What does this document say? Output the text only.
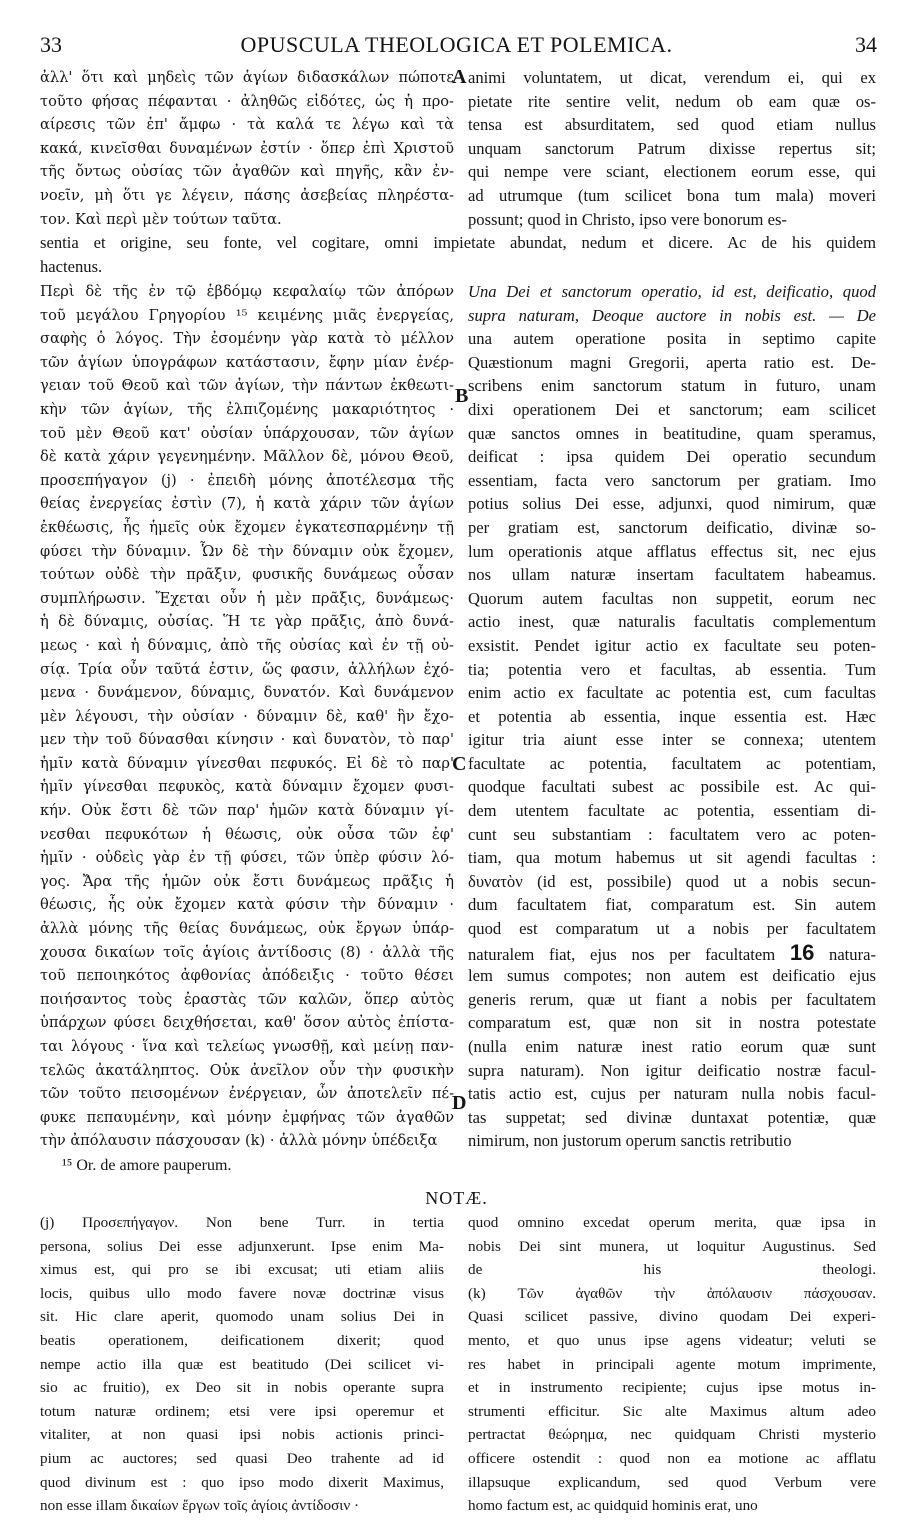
33	OPUSCULA THEOLOGICA ET POLEMICA.	34
ἀλλ' ὅτι καὶ μηδεὶς τῶν ἁγίων διδασκάλων πώποτε
τοῦτο φήσας πέφανται · ἀληθῶς εἰδότες, ὡς ἡ προ-
αίρεσις τῶν ἐπ' ἄμφω · τὰ καλά τε λέγω καὶ τὰ
κακά, κινεῖσθαι δυναμένων ἐστίν · ὅπερ ἐπὶ Χριστοῦ
τῆς ὄντως οὐσίας τῶν ἀγαθῶν καὶ πηγῆς, κἂν ἐν-
νοεῖν, μὴ ὅτι γε λέγειν, πάσης ἀσεβείας πληρέστα-
τον. Καὶ περὶ μὲν τούτων ταῦτα.
animi voluntatem, ut dicat, verendum ei, qui ex
pietate rite sentire velit, nedum ob eam quæ os-
tensa est absurditatem, sed quod etiam nullus
unquam sanctorum Patrum dixisse repertus sit;
qui nempe vere sciant, electionem eorum esse, qui
ad utrumque (tum scilicet bona tum mala) moveri
possunt; quod in Christo, ipso vere bonorum es-
A
sentia et origine, seu fonte, vel cogitare, omni impietate abundat, nedum et dicere. Ac de his quidem
hactenus.
Περὶ δὲ τῆς ἐν τῷ ἑβδόμῳ κεφαλαίῳ τῶν ἀπόρων
τοῦ μεγάλου Γρηγορίου ¹⁵ κειμένης μιᾶς ἐνεργείας,
σαφὴς ὁ λόγος. Τὴν ἐσομένην γὰρ κατὰ τὸ μέλλον
τῶν ἁγίων ὑπογράφων κατάστασιν, ἔφην μίαν ἐνέρ-
γειαν τοῦ Θεοῦ καὶ τῶν ἁγίων, τὴν πάντων ἐκθεωτι-
κὴν τῶν ἁγίων, τῆς ἐλπιζομένης μακαριότητος ·
τοῦ μὲν Θεοῦ κατ' οὐσίαν ὑπάρχουσαν, τῶν ἁγίων
δὲ κατὰ χάριν γεγενημένην. Μᾶλλον δὲ, μόνου Θεοῦ,
προσεπήγαγον (j) · ἐπειδὴ μόνης ἀποτέλεσμα τῆς
θείας ἐνεργείας ἐστὶν (7), ἡ κατὰ χάριν τῶν ἁγίων
ἐκθέωσις, ἧς ἡμεῖς οὐκ ἔχομεν ἐγκατεσπαρμένην τῇ
φύσει τὴν δύναμιν. Ὧν δὲ τὴν δύναμιν οὐκ ἔχομεν,
τούτων οὐδὲ τὴν πρᾶξιν, φυσικῆς δυνάμεως οὖσαν
συμπλήρωσιν. Ἔχεται οὖν ἡ μὲν πρᾶξις, δυνάμεως·
ἡ δὲ δύναμις, οὐσίας. Ἥ τε γὰρ πρᾶξις, ἀπὸ δυνά-
μεως · καὶ ἡ δύναμις, ἀπὸ τῆς οὐσίας καὶ ἐν τῇ οὐ-
σίᾳ. Τρία οὖν ταῦτά ἐστιν, ὥς φασιν, ἀλλήλων ἐχό-
μενα · δυνάμενον, δύναμις, δυνατόν. Καὶ δυνάμενον
μὲν λέγουσι, τὴν οὐσίαν · δύναμιν δὲ, καθ' ἣν ἔχο-
μεν τὴν τοῦ δύνασθαι κίνησιν · καὶ δυνατὸν, τὸ παρ'
ἡμῖν κατὰ δύναμιν γίνεσθαι πεφυκός. Εἰ δὲ τὸ παρ'
ἡμῖν γίνεσθαι πεφυκὸς, κατὰ δύναμιν ἔχομεν φυσι-
κήν. Οὐκ ἔστι δὲ τῶν παρ' ἡμῶν κατὰ δύναμιν γί-
νεσθαι πεφυκότων ἡ θέωσις, οὐκ οὖσα τῶν ἐφ'
ἡμῖν · οὐδεὶς γὰρ ἐν τῇ φύσει, τῶν ὑπὲρ φύσιν λό-
γος. Ἄρα τῆς ἡμῶν οὐκ ἔστι δυνάμεως πρᾶξις ἡ
θέωσις, ἧς οὐκ ἔχομεν κατὰ φύσιν τὴν δύναμιν ·
ἀλλὰ μόνης τῆς θείας δυνάμεως, οὐκ ἔργων ὑπάρ-
χουσα δικαίων τοῖς ἁγίοις ἀντίδοσις (8) · ἀλλὰ τῆς
τοῦ πεποιηκότος ἀφθονίας ἀπόδειξις · τοῦτο θέσει
ποιήσαντος τοὺς ἐραστὰς τῶν καλῶν, ὅπερ αὐτὸς
ὑπάρχων φύσει δειχθήσεται, καθ' ὅσον αὐτὸς ἐπίστα-
ται λόγους · ἵνα καὶ τελείως γνωσθῇ, καὶ μείνῃ παν-
τελῶς ἀκατάληπτος. Οὐκ ἀνεῖλον οὖν τὴν φυσικὴν
τῶν τοῦτο πεισομένων ἐνέργειαν, ὧν ἀποτελεῖν πέ-
φυκε πεπαυμένην, καὶ μόνην ἐμφήνας τῶν ἀγαθῶν
τὴν ἀπόλαυσιν πάσχουσαν (k) · ἀλλὰ μόνην ὑπέδειξα
Una Dei et sanctorum operatio, id est, deificatio, quod
supra naturam, Deoque auctore in nobis est. — De
una autem operatione posita in septimo capite
Quæstionum magni Gregorii, aperta ratio est. De-
scribens enim sanctorum statum in futuro, unam
dixi operationem Dei et sanctorum; eam scilicet
quæ sanctos omnes in beatitudine, quam speramus,
deificat : ipsa quidem Dei operatio secundum
essentiam, facta vero sanctorum per gratiam. Imo
potius solius Dei esse, adjunxi, quod nimirum, quæ
per gratiam est, sanctorum deificatio, divinæ so-
lum operationis atque afflatus effectus sit, nec ejus
nos ullam naturæ insertam facultatem habeamus.
Quorum autem facultas non suppetit, eorum nec
actio inest, quæ naturalis facultatis complementum
exsistit. Pendet igitur actio ex facultate seu poten-
tia; potentia vero et facultas, ab essentia. Tum
enim actio ex facultate ac potentia est, cum facultas
et potentia ab essentia, inque essentia est. Hæc
igitur tria aiunt esse inter se connexa; utentem
facultate ac potentia, facultatem ac potentiam,
quodque facultati subest ac possibile est. Ac qui-
dem utentem facultate ac potentia, essentiam di-
cunt seu substantiam : facultatem vero ac poten-
tiam, qua motum habemus ut sit agendi facultas :
δυνατὸν (id est, possibile) quod ut a nobis secun-
dum facultatem fiat, comparatum est. Sin autem
quod est comparatum ut a nobis per facultatem
naturalem fiat, ejus nos per facultatem 16 natura-
lem sumus compotes; non autem est deificatio ejus
generis rerum, quæ ut fiant a nobis per facultatem
comparatum est, quæ non sit in nostra potestate
(nulla enim naturæ inest ratio eorum quæ sunt
supra naturam). Non igitur deificatio nostræ facul-
tatis actio est, cujus per naturam nulla nobis facul-
tas suppetat; sed divinæ duntaxat potentiæ, quæ
nimirum, non justorum operum sanctis retributio
B
C
D
¹⁵ Or. de amore pauperum.
NOTÆ.
(j) Προσεπήγαγον. Non bene Turr. in tertia
persona, solius Dei esse adjunxerunt. Ipse enim Ma-
ximus est, qui pro se ibi excusat; uti etiam aliis
locis, quibus ullo modo favere novæ doctrinæ visus
sit. Hic clare aperit, quomodo unam solius Dei in
beatis operationem, deificationem dixerit; quod
nempe actio illa quæ est beatitudo (Dei scilicet vi-
sio ac fruitio), ex Deo sit in nobis operante supra
totum naturæ ordinem; etsi vere ipsi operemur et
vitaliter, at non quasi ipsi nobis actionis princi-
pium ac auctores; sed quasi Deo trahente ad id
quod divinum est : quo ipso modo dixerit Maximus,
non esse illam δικαίων ἔργων τοῖς ἁγίοις ἀντίδοσιν ·
quod omnino excedat operum merita, quæ ipsa in
nobis Dei sint munera, ut loquitur Augustinus. Sed
de his theologi.
(k) Τῶν ἀγαθῶν τὴν ἀπόλαυσιν πάσχουσαν.
Quasi scilicet passive, divino quodam Dei experi-
mento, et quo unus ipse agens videatur; veluti se
res habet in principali agente motum imprimente,
et in instrumento recipiente; cujus ipse motus in-
strumenti efficitur. Sic alte Maximus altum adeo
pertractat θεώρημα, nec quidquam Christi mysterio
officere ostendit : quod non ea motione ac afflatu
illapsuque explicandum, sed quod Verbum vere
homo factum est, ac quidquid hominis erat, uno
